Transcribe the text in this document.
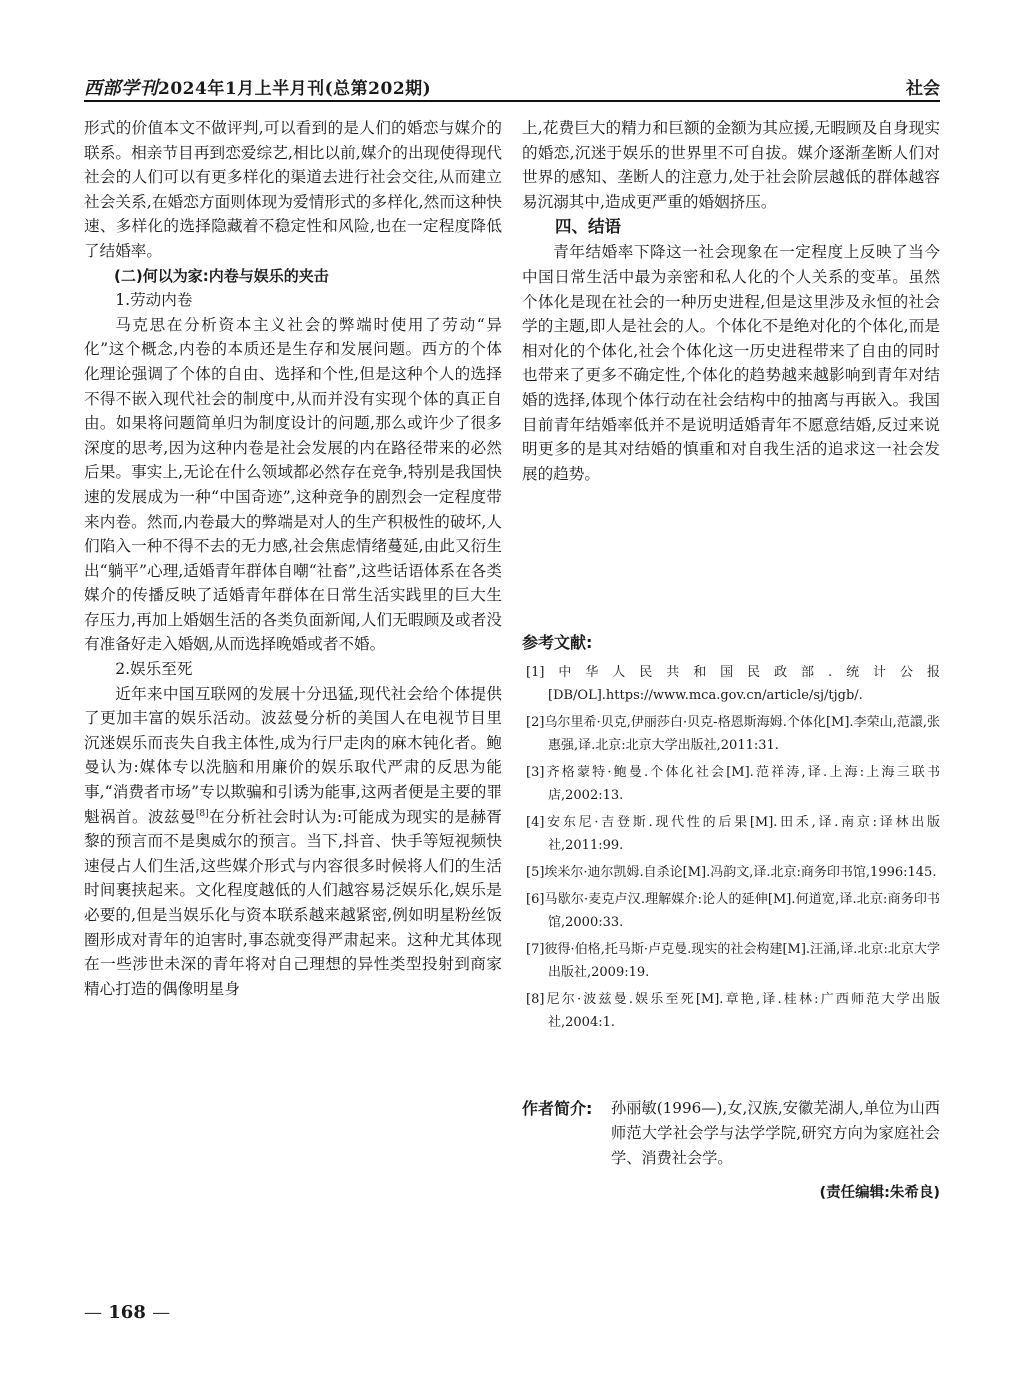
西部学刊2024年1月上半月刊(总第202期)	社会

形式的价值本文不做评判,可以看到的是人们的婚恋与媒介的联系。相亲节目再到恋爱综艺,相比以前,媒介的出现使得现代社会的人们可以有更多样化的渠道去进行社会交往,从而建立社会关系,在婚恋方面则体现为爱情形式的多样化,然而这种快速、多样化的选择隐藏着不稳定性和风险,也在一定程度降低了结婚率。

(二)何以为家:内卷与娱乐的夹击
1.劳动内卷

马克思在分析资本主义社会的弊端时使用了劳动“异化”这个概念,内卷的本质还是生存和发展问题。西方的个体化理论强调了个体的自由、选择和个性,但是这种个人的选择不得不嵌入现代社会的制度中,从而并没有实现个体的真正自由。如果将问题简单归为制度设计的问题,那么或许少了很多深度的思考,因为这种内卷是社会发展的内在路径带来的必然后果。事实上,无论在什么领域都必然存在竞争,特别是我国快速的发展成为一种“中国奇迹”,这种竞争的剧烈会一定程度带来内卷。然而,内卷最大的弊端是对人的生产积极性的破坏,人们陷入一种不得不去的无力感,社会焦虑情绪蔓延,由此又衍生出“躺平”心理,适婚青年群体自嘲“社畜”,这些话语体系在各类媒介的传播反映了适婚青年群体在日常生活实践里的巨大生存压力,再加上婚姻生活的各类负面新闻,人们无暇顾及或者没有准备好走入婚姻,从而选择晚婚或者不婚。

2.娱乐至死

近年来中国互联网的发展十分迅猛,现代社会给个体提供了更加丰富的娱乐活动。波兹曼分析的美国人在电视节目里沉迷娱乐而丧失自我主体性,成为行尸走肉的麻木钝化者。鲍曼认为:媒体专以洗脑和用廉价的娱乐取代严肃的反思为能事,“消费者市场”专以欺骗和引诱为能事,这两者便是主要的罪魁祸首。波兹曼[8]在分析社会时认为:可能成为现实的是赫胥黎的预言而不是奥威尔的预言。当下,抖音、快手等短视频快速侵占人们生活,这些媒介形式与内容很多时候将人们的生活时间裹挟起来。文化程度越低的人们越容易泛娱乐化,娱乐是必要的,但是当娱乐化与资本联系越来越紧密,例如明星粉丝饭圈形成对青年的迫害时,事态就变得严肃起来。这种尤其体现在一些涉世未深的青年将对自己理想的异性类型投射到商家精心打造的偶像明星身

上,花费巨大的精力和巨额的金额为其应援,无暇顾及自身现实的婚恋,沉迷于娱乐的世界里不可自拔。媒介逐渐垄断人们对世界的感知、垄断人的注意力,处于社会阶层越低的群体越容易沉溺其中,造成更严重的婚姻挤压。

四、结语

青年结婚率下降这一社会现象在一定程度上反映了当今中国日常生活中最为亲密和私人化的个人关系的变革。虽然个体化是现在社会的一种历史进程,但是这里涉及永恒的社会学的主题,即人是社会的人。个体化不是绝对化的个体化,而是相对化的个体化,社会个体化这一历史进程带来了自由的同时也带来了更多不确定性,个体化的趋势越来越影响到青年对结婚的选择,体现个体行动在社会结构中的抽离与再嵌入。我国目前青年结婚率低并不是说明适婚青年不愿意结婚,反过来说明更多的是其对结婚的慎重和对自我生活的追求这一社会发展的趋势。

参考文献:
[1]中华人民共和国民政部.统计公报[DB/OL].https://www.mca.gov.cn/article/sj/tjgb/.
[2]乌尔里希·贝克,伊丽莎白·贝克-格恩斯海姆.个体化[M].李荣山,范譞,张惠强,译.北京:北京大学出版社,2011:31.
[3]齐格蒙特·鲍曼.个体化社会[M].范祥涛,译.上海:上海三联书店,2002:13.
[4]安东尼·吉登斯.现代性的后果[M].田禾,译.南京:译林出版社,2011:99.
[5]埃米尔·迪尔凯姆.自杀论[M].冯韵文,译.北京:商务印书馆,1996:145.
[6]马歇尔·麦克卢汉.理解媒介:论人的延伸[M].何道宽,译.北京:商务印书馆,2000:33.
[7]彼得·伯格,托马斯·卢克曼.现实的社会构建[M].汪涌,译.北京:北京大学出版社,2009:19.
[8]尼尔·波兹曼.娱乐至死[M].章艳,译.桂林:广西师范大学出版社,2004:1.
作者简介: 孙丽敏(1996—),女,汉族,安徽芜湖人,单位为山西师范大学社会学与法学学院,研究方向为家庭社会学、消费社会学。
(责任编辑:朱希良)
— 168 —
